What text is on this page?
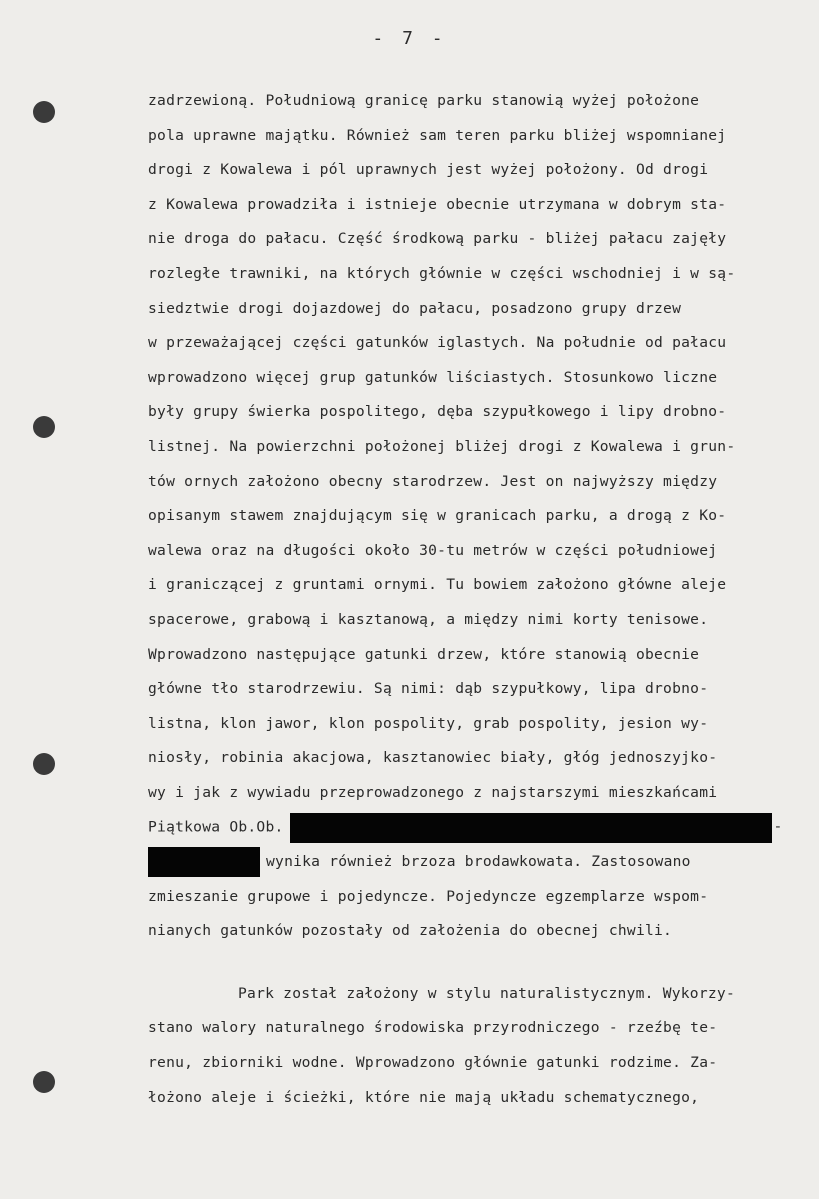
- 7 -
zadrzewioną. Południową granicę parku stanowią wyżej położone
pola uprawne majątku. Również sam teren parku bliżej wspomnianej
drogi z Kowalewa i pól uprawnych jest wyżej położony. Od drogi
z Kowalewa prowadziła i istnieje obecnie utrzymana w dobrym sta-
nie droga do pałacu. Część środkową parku - bliżej pałacu zajęły
rozległe trawniki, na których głównie w części wschodniej i w są-
siedztwie drogi dojazdowej do pałacu, posadzono grupy drzew
w przeważającej części gatunków iglastych. Na południe od pałacu
wprowadzono więcej grup gatunków liściastych. Stosunkowo liczne
były grupy świerka pospolitego, dęba szypułkowego i lipy drobno-
listnej. Na powierzchni położonej bliżej drogi z Kowalewa i grun-
tów ornych założono obecny starodrzew. Jest on najwyższy między
opisanym stawem znajdującym się w granicach parku, a drogą z Ko-
walewa oraz na długości około 30-tu metrów w części południowej
i graniczącej z gruntami ornymi. Tu bowiem założono główne aleje
spacerowe, grabową i kasztanową, a między nimi korty tenisowe.
Wprowadzono następujące gatunki drzew, które stanowią obecnie
główne tło starodrzewiu. Są nimi: dąb szypułkowy, lipa drobno-
listna, klon jawor, klon pospolity, grab pospolity, jesion wy-
niosły, robinia akacjowa, kasztanowiec biały, głóg jednoszyjko-
wy i jak z wywiadu przeprowadzonego z najstarszymi mieszkańcami
Piątkowa Ob.Ob.	-
wynika również brzoza brodawkowata. Zastosowano
zmieszanie grupowe i pojedyncze. Pojedyncze egzemplarze wspom-
nianych gatunków pozostały od założenia do obecnej chwili.
Park został założony w stylu naturalistycznym. Wykorzy-
stano walory naturalnego środowiska przyrodniczego - rzeźbę te-
renu, zbiorniki wodne. Wprowadzono głównie gatunki rodzime. Za-
łożono aleje i ścieżki, które nie mają układu schematycznego,
